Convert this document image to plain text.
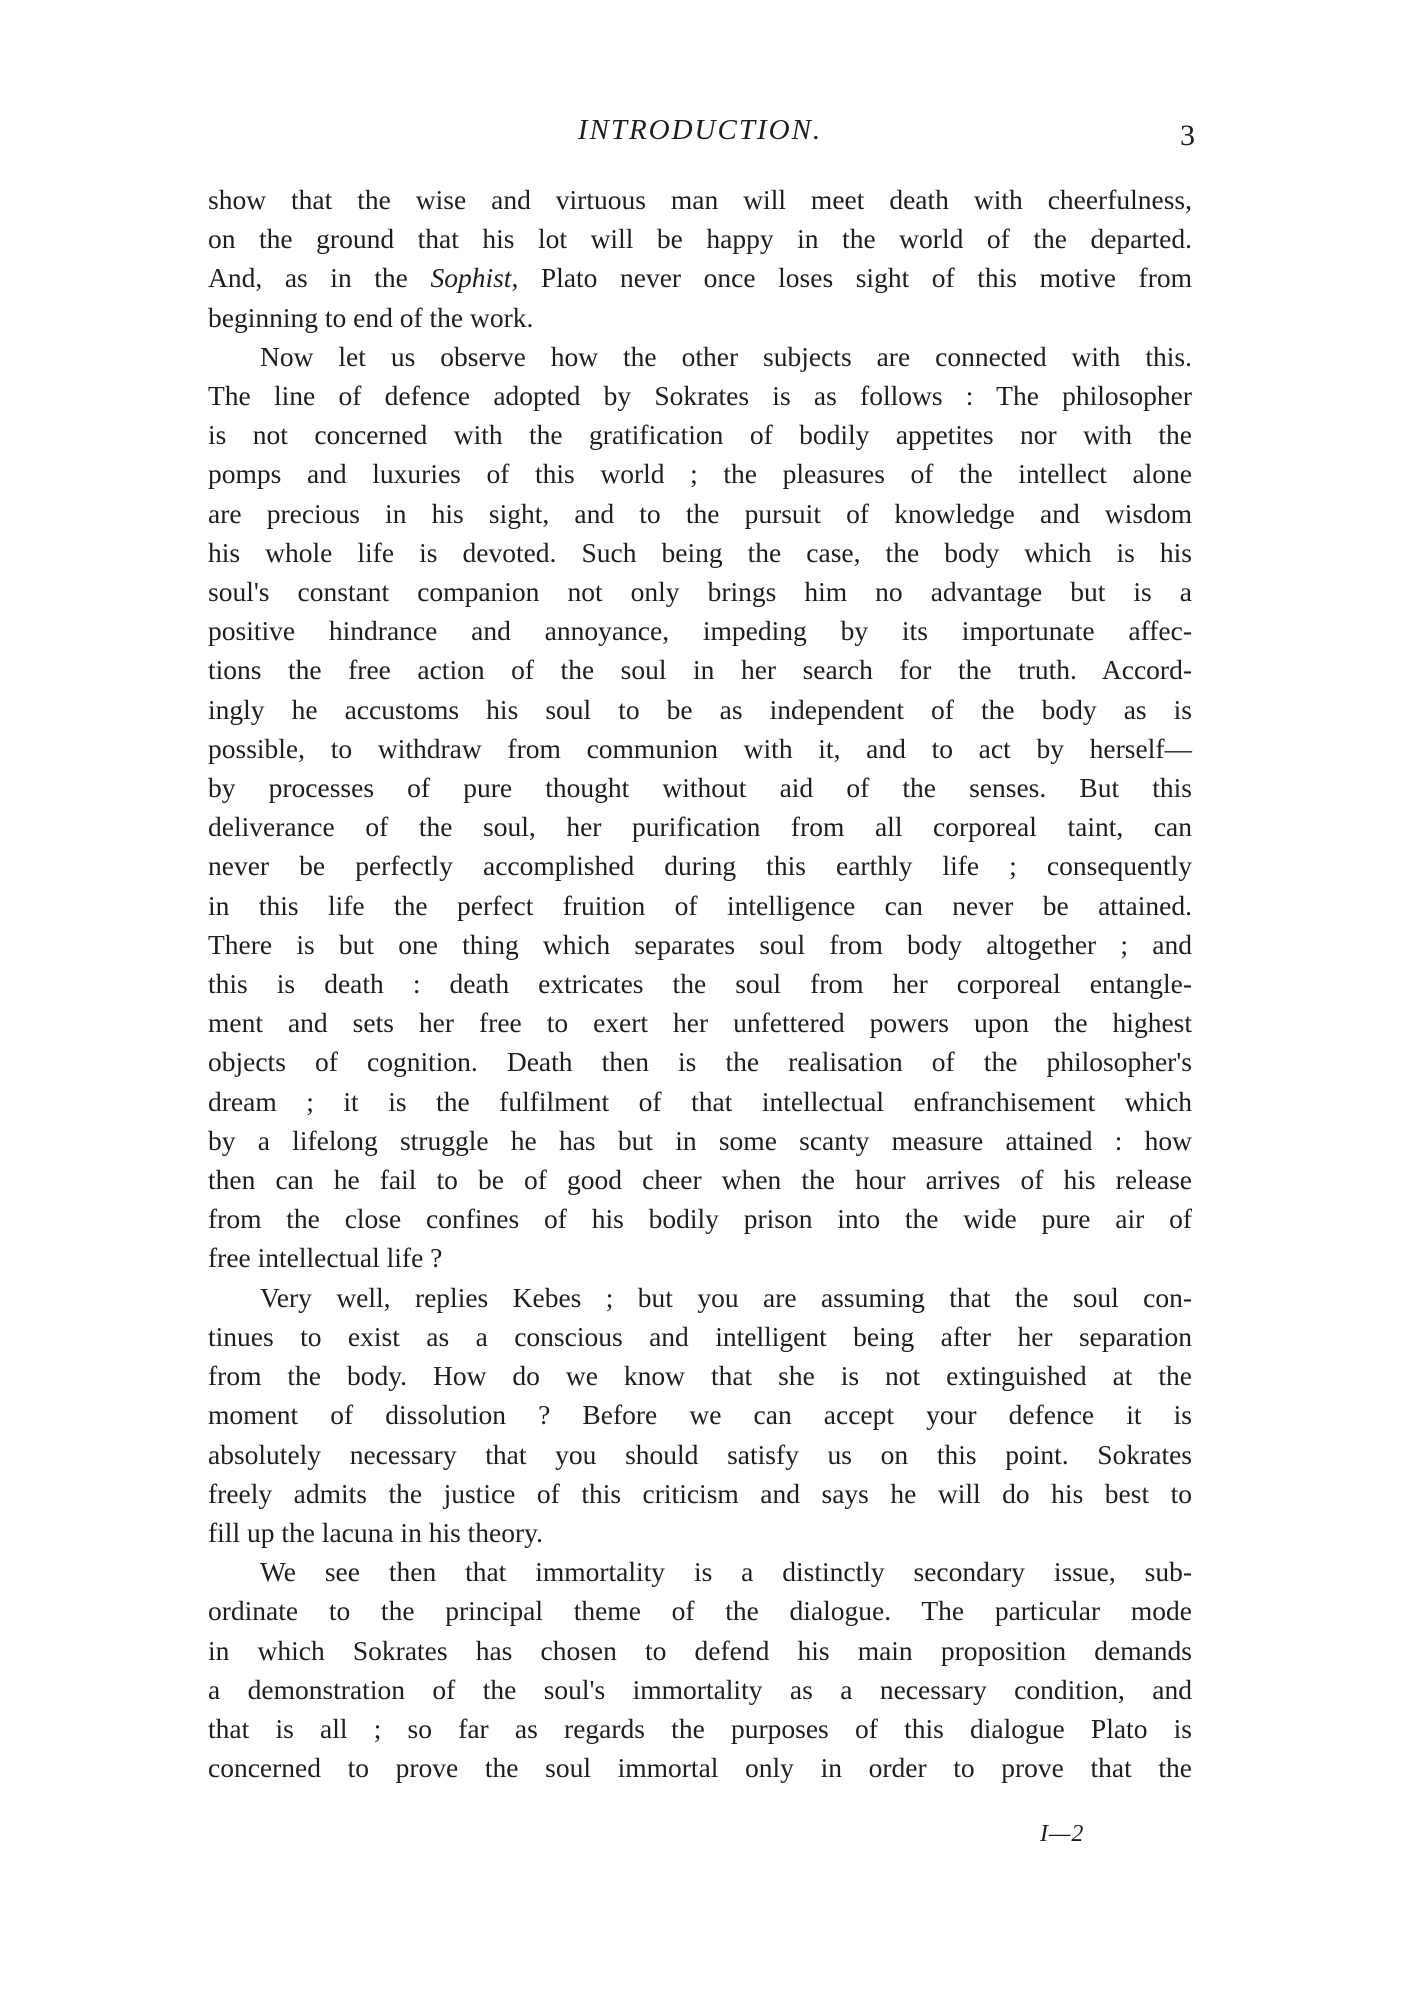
INTRODUCTION.	3

show that the wise and virtuous man will meet death with cheerfulness,

on the ground that his lot will be happy in the world of the departed.

And, as in the Sophist, Plato never once loses sight of this motive from

beginning to end of the work.

Now let us observe how the other subjects are connected with this.

The line of defence adopted by Sokrates is as follows : The philosopher

is not concerned with the gratification of bodily appetites nor with the

pomps and luxuries of this world ; the pleasures of the intellect alone

are precious in his sight, and to the pursuit of knowledge and wisdom

his whole life is devoted. Such being the case, the body which is his

soul's constant companion not only brings him no advantage but is a

positive hindrance and annoyance, impeding by its importunate affec-

tions the free action of the soul in her search for the truth. Accord-

ingly he accustoms his soul to be as independent of the body as is

possible, to withdraw from communion with it, and to act by herself—

by processes of pure thought without aid of the senses. But this

deliverance of the soul, her purification from all corporeal taint, can

never be perfectly accomplished during this earthly life ; consequently

in this life the perfect fruition of intelligence can never be attained.

There is but one thing which separates soul from body altogether ; and

this is death : death extricates the soul from her corporeal entangle-

ment and sets her free to exert her unfettered powers upon the highest

objects of cognition. Death then is the realisation of the philosopher's

dream ; it is the fulfilment of that intellectual enfranchisement which

by a lifelong struggle he has but in some scanty measure attained : how

then can he fail to be of good cheer when the hour arrives of his release

from the close confines of his bodily prison into the wide pure air of

free intellectual life ?

Very well, replies Kebes ; but you are assuming that the soul con-

tinues to exist as a conscious and intelligent being after her separation

from the body. How do we know that she is not extinguished at the

moment of dissolution ? Before we can accept your defence it is

absolutely necessary that you should satisfy us on this point. Sokrates

freely admits the justice of this criticism and says he will do his best to

fill up the lacuna in his theory.

We see then that immortality is a distinctly secondary issue, sub-

ordinate to the principal theme of the dialogue. The particular mode

in which Sokrates has chosen to defend his main proposition demands

a demonstration of the soul's immortality as a necessary condition, and

that is all ; so far as regards the purposes of this dialogue Plato is

concerned to prove the soul immortal only in order to prove that the

I—2
